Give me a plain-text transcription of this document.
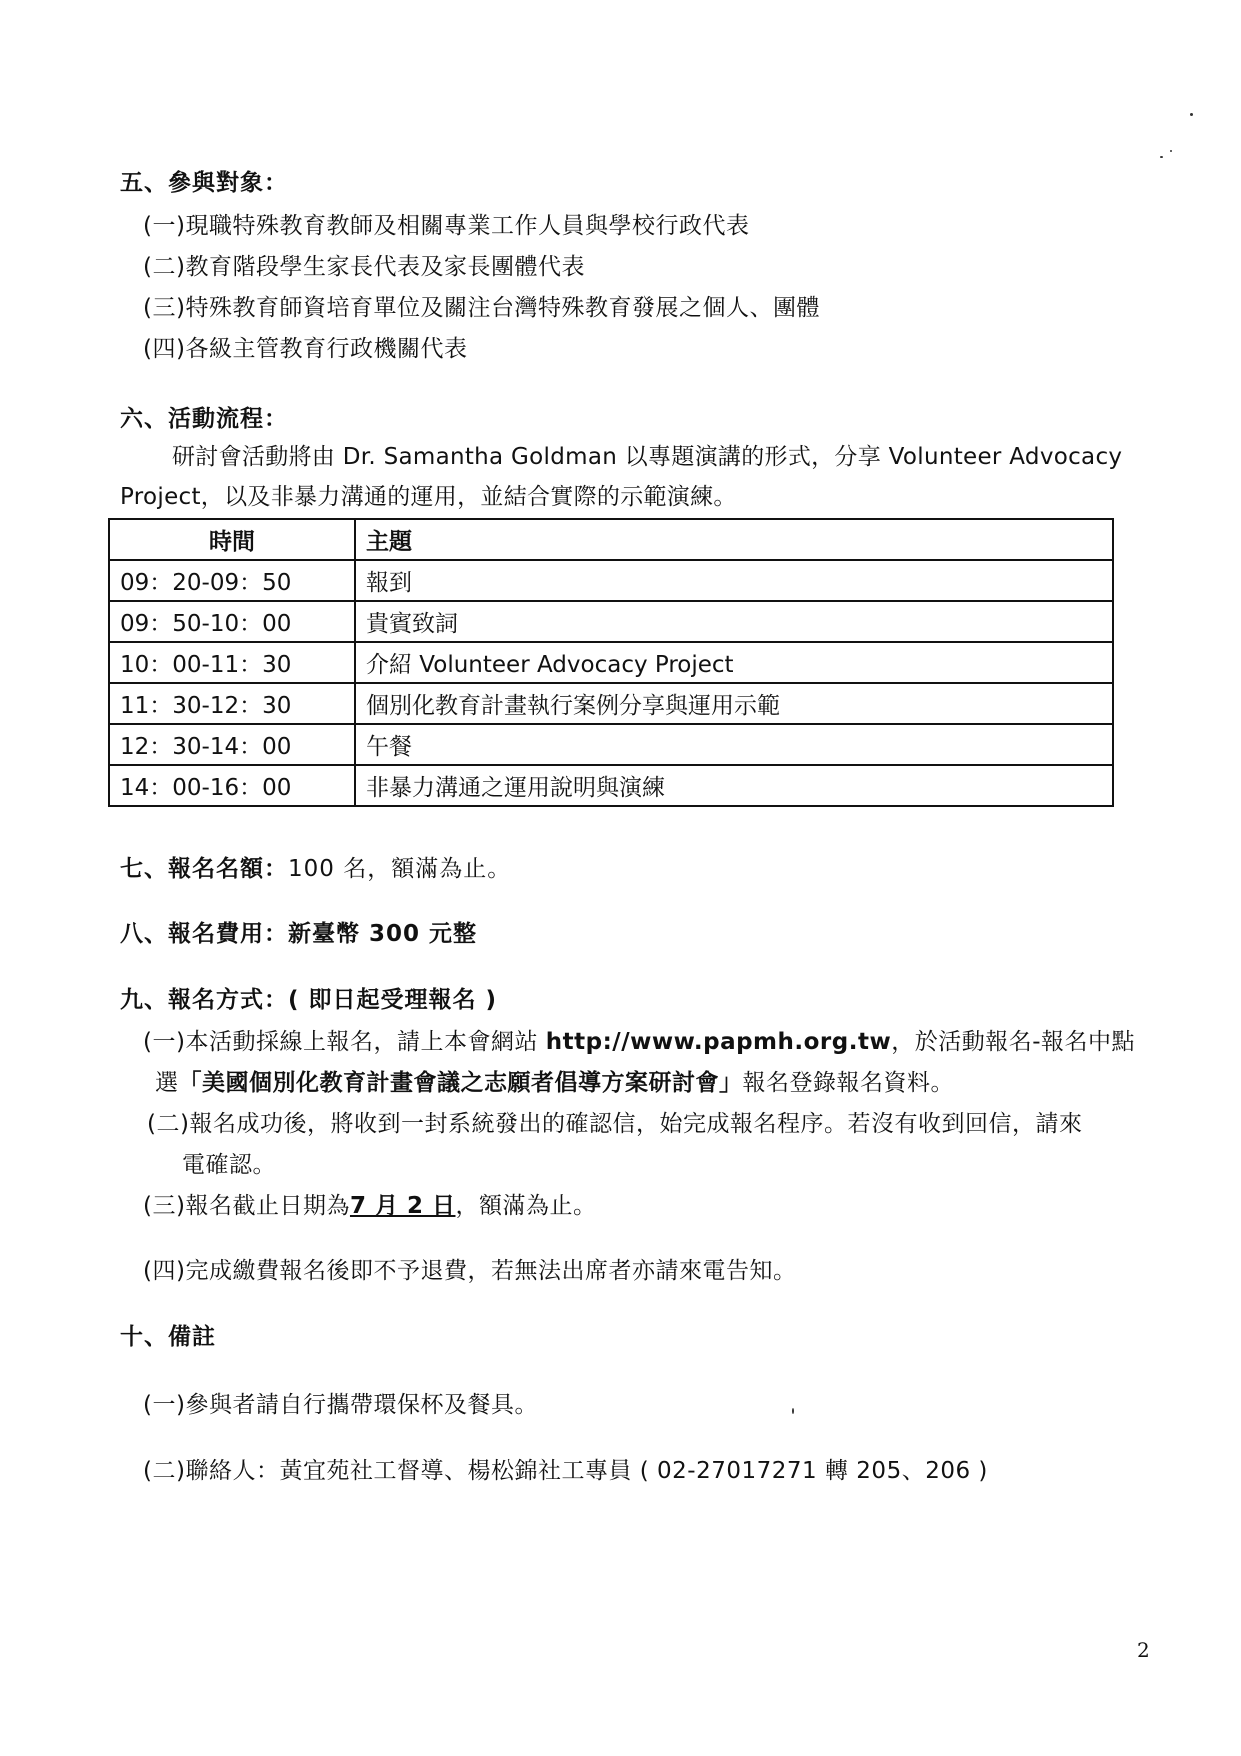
五、參與對象：
(一)現職特殊教育教師及相關專業工作人員與學校行政代表
(二)教育階段學生家長代表及家長團體代表
(三)特殊教育師資培育單位及關注台灣特殊教育發展之個人、團體
(四)各級主管教育行政機關代表
六、活動流程：
研討會活動將由 Dr. Samantha Goldman 以專題演講的形式，分享 Volunteer Advocacy Project，以及非暴力溝通的運用，並結合實際的示範演練。
時間	主題
09：20-09：50	報到
09：50-10：00	貴賓致詞
10：00-11：30	介紹 Volunteer Advocacy Project
11：30-12：30	個別化教育計畫執行案例分享與運用示範
12：30-14：00	午餐
14：00-16：00	非暴力溝通之運用說明與演練
七、報名名額：100 名，額滿為止。
八、報名費用：新臺幣 300 元整
九、報名方式：( 即日起受理報名 )
(一)本活動採線上報名，請上本會網站 http://www.papmh.org.tw，於活動報名-報名中點
選「美國個別化教育計畫會議之志願者倡導方案研討會」報名登錄報名資料。
(二)報名成功後，將收到一封系統發出的確認信，始完成報名程序。若沒有收到回信，請來
電確認。
(三)報名截止日期為7 月 2 日，額滿為止。
(四)完成繳費報名後即不予退費，若無法出席者亦請來電告知。
十、備註
(一)參與者請自行攜帶環保杯及餐具。
(二)聯絡人：黃宜苑社工督導、楊松錦社工專員 ( 02-27017271 轉 205、206 )
2
